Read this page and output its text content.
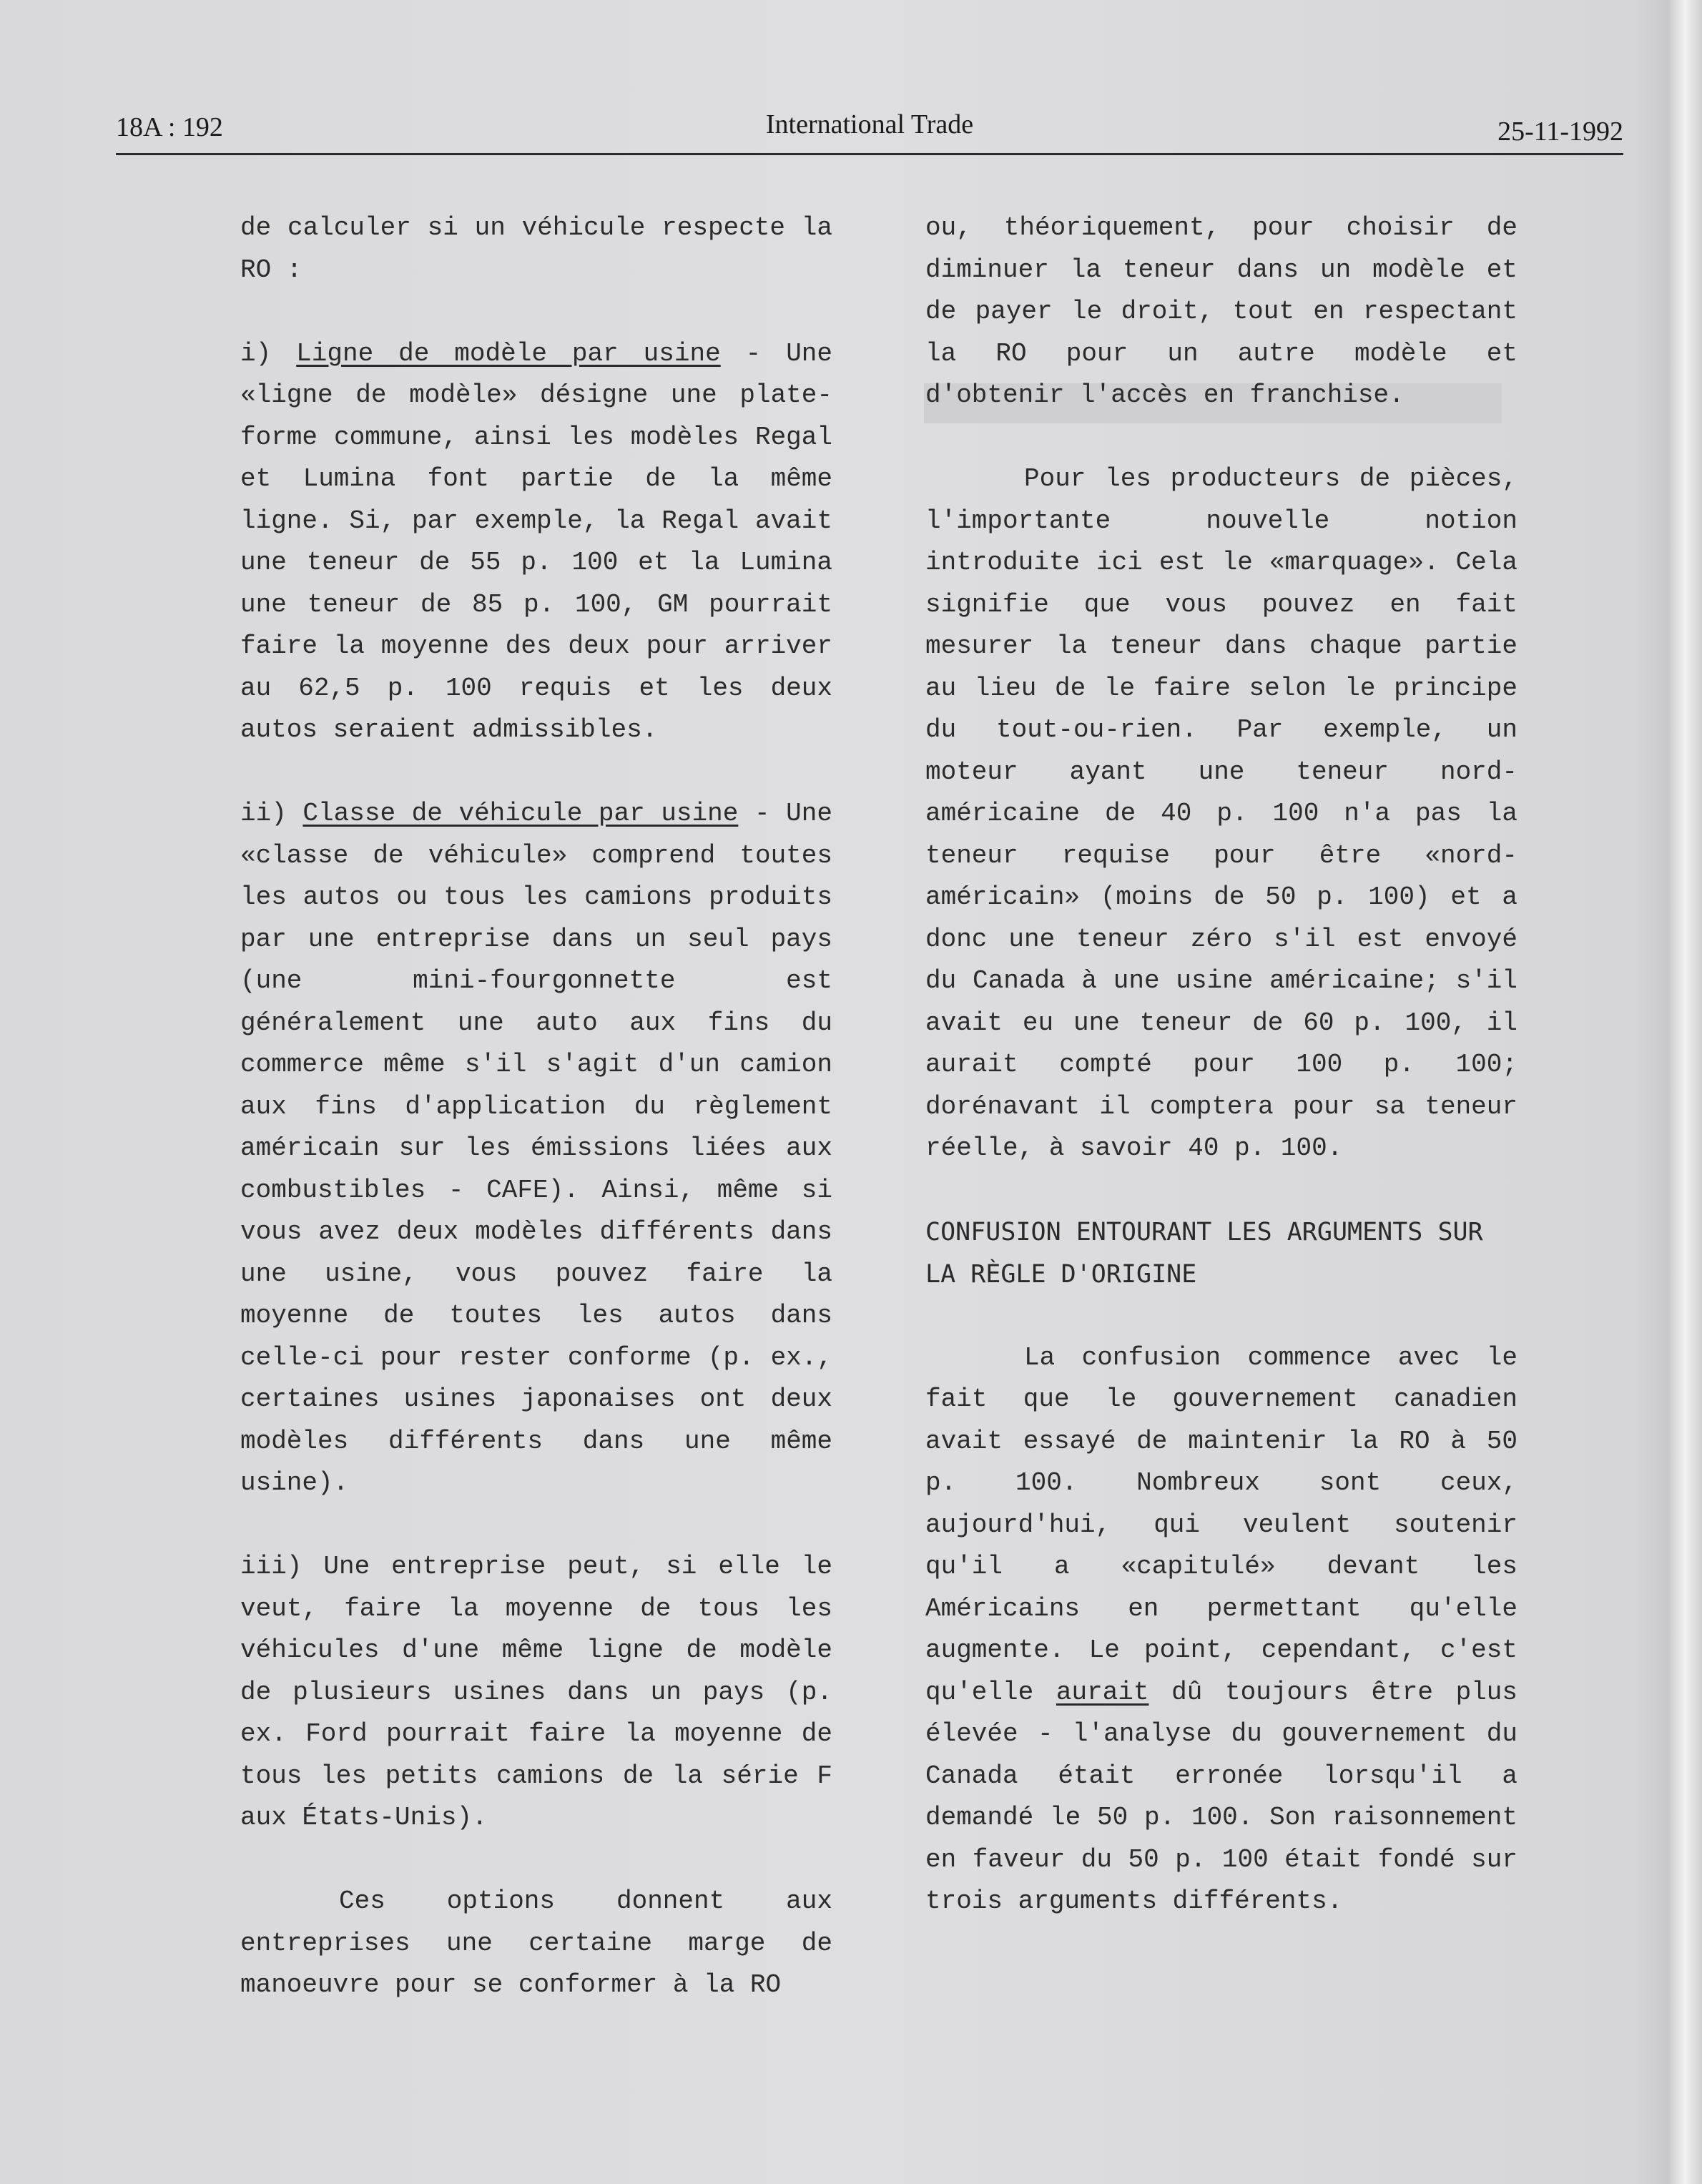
18A : 192	International Trade	25-11-1992

de calculer si un véhicule respecte la RO :

i) Ligne de modèle par usine - Une «ligne de modèle» désigne une plate-forme commune, ainsi les modèles Regal et Lumina font partie de la même ligne. Si, par exemple, la Regal avait une teneur de 55 p. 100 et la Lumina une teneur de 85 p. 100, GM pourrait faire la moyenne des deux pour arriver au 62,5 p. 100 requis et les deux autos seraient admissibles.

ii) Classe de véhicule par usine - Une «classe de véhicule» comprend toutes les autos ou tous les camions produits par une entreprise dans un seul pays (une mini-fourgonnette est généralement une auto aux fins du commerce même s'il s'agit d'un camion aux fins d'application du règlement américain sur les émissions liées aux combustibles - CAFE). Ainsi, même si vous avez deux modèles différents dans une usine, vous pouvez faire la moyenne de toutes les autos dans celle-ci pour rester conforme (p. ex., certaines usines japonaises ont deux modèles différents dans une même usine).

iii) Une entreprise peut, si elle le veut, faire la moyenne de tous les véhicules d'une même ligne de modèle de plusieurs usines dans un pays (p. ex. Ford pourrait faire la moyenne de tous les petits camions de la série F aux États-Unis).

Ces options donnent aux entreprises une certaine marge de manoeuvre pour se conformer à la RO

ou, théoriquement, pour choisir de diminuer la teneur dans un modèle et de payer le droit, tout en respectant la RO pour un autre modèle et d'obtenir l'accès en franchise.

Pour les producteurs de pièces, l'importante nouvelle notion introduite ici est le «marquage». Cela signifie que vous pouvez en fait mesurer la teneur dans chaque partie au lieu de le faire selon le principe du tout-ou-rien. Par exemple, un moteur ayant une teneur nord-américaine de 40 p. 100 n'a pas la teneur requise pour être «nord-américain» (moins de 50 p. 100) et a donc une teneur zéro s'il est envoyé du Canada à une usine américaine; s'il avait eu une teneur de 60 p. 100, il aurait compté pour 100 p. 100; dorénavant il comptera pour sa teneur réelle, à savoir 40 p. 100.

CONFUSION ENTOURANT LES ARGUMENTS SUR
LA RÈGLE D'ORIGINE

La confusion commence avec le fait que le gouvernement canadien avait essayé de maintenir la RO à 50 p. 100. Nombreux sont ceux, aujourd'hui, qui veulent soutenir qu'il a «capitulé» devant les Américains en permettant qu'elle augmente. Le point, cependant, c'est qu'elle aurait dû toujours être plus élevée - l'analyse du gouvernement du Canada était erronée lorsqu'il a demandé le 50 p. 100. Son raisonnement en faveur du 50 p. 100 était fondé sur trois arguments différents.
